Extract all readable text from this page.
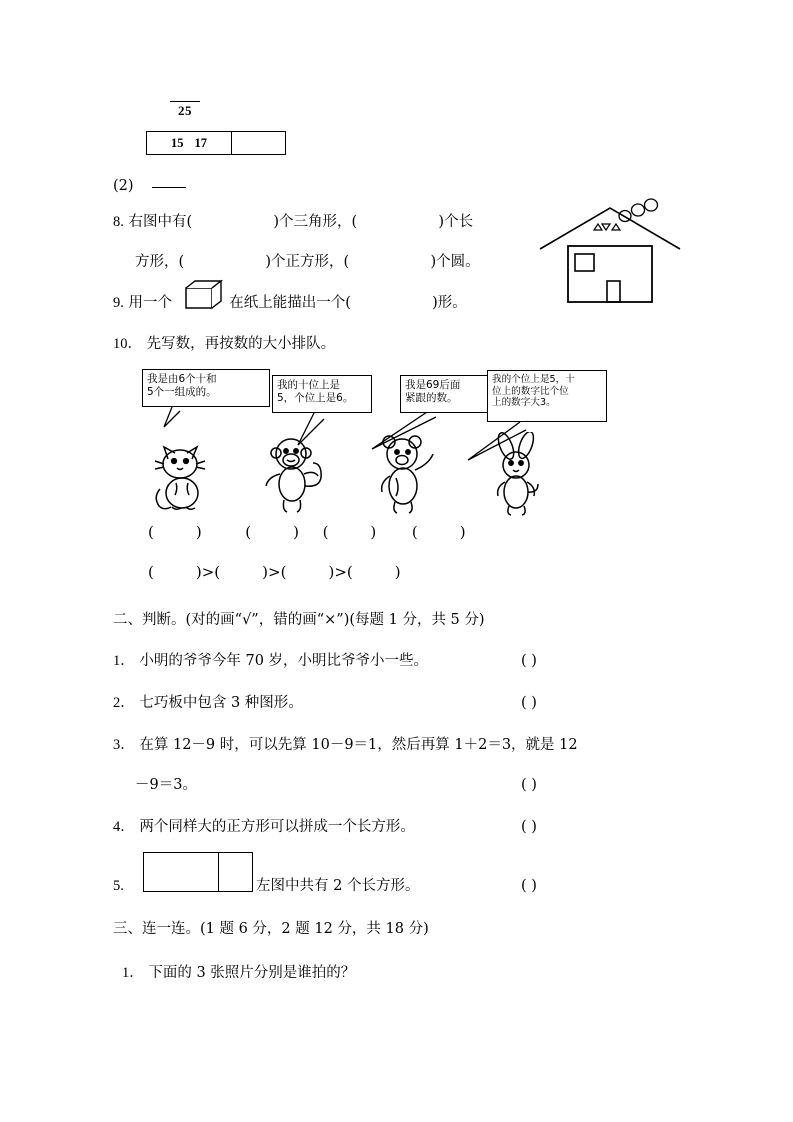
25
15 17
(2)
8. 右图中有(	)个三角形，(	)个长
方形，(	)个正方形，(	)个圆。
9. 用一个	在纸上能描出一个(	)形。
10． 先写数，再按数的大小排队。
我是由6个十和
5个一组成的。
我的十位上是
5，个位上是6。
我是69后面
紧跟的数。
我的个位上是5，十
位上的数字比个位
上的数字大3。
(	)	(	) (	) (	)
(	)>(	)>(	)>(	)
二、判断。(对的画“√”，错的画“×”)(每题 1 分，共 5 分)
1． 小明的爷爷今年 70 岁，小明比爷爷小一些。	( )
2． 七巧板中包含 3 种图形。	( )
3． 在算 12－9 时，可以先算 10－9＝1，然后再算 1＋2＝3，就是 12
－9＝3。	( )
4． 两个同样大的正方形可以拼成一个长方形。	( )
5.	左图中共有 2 个长方形。	( )
三、连一连。(1 题 6 分，2 题 12 分，共 18 分)
1． 下面的 3 张照片分别是谁拍的？
